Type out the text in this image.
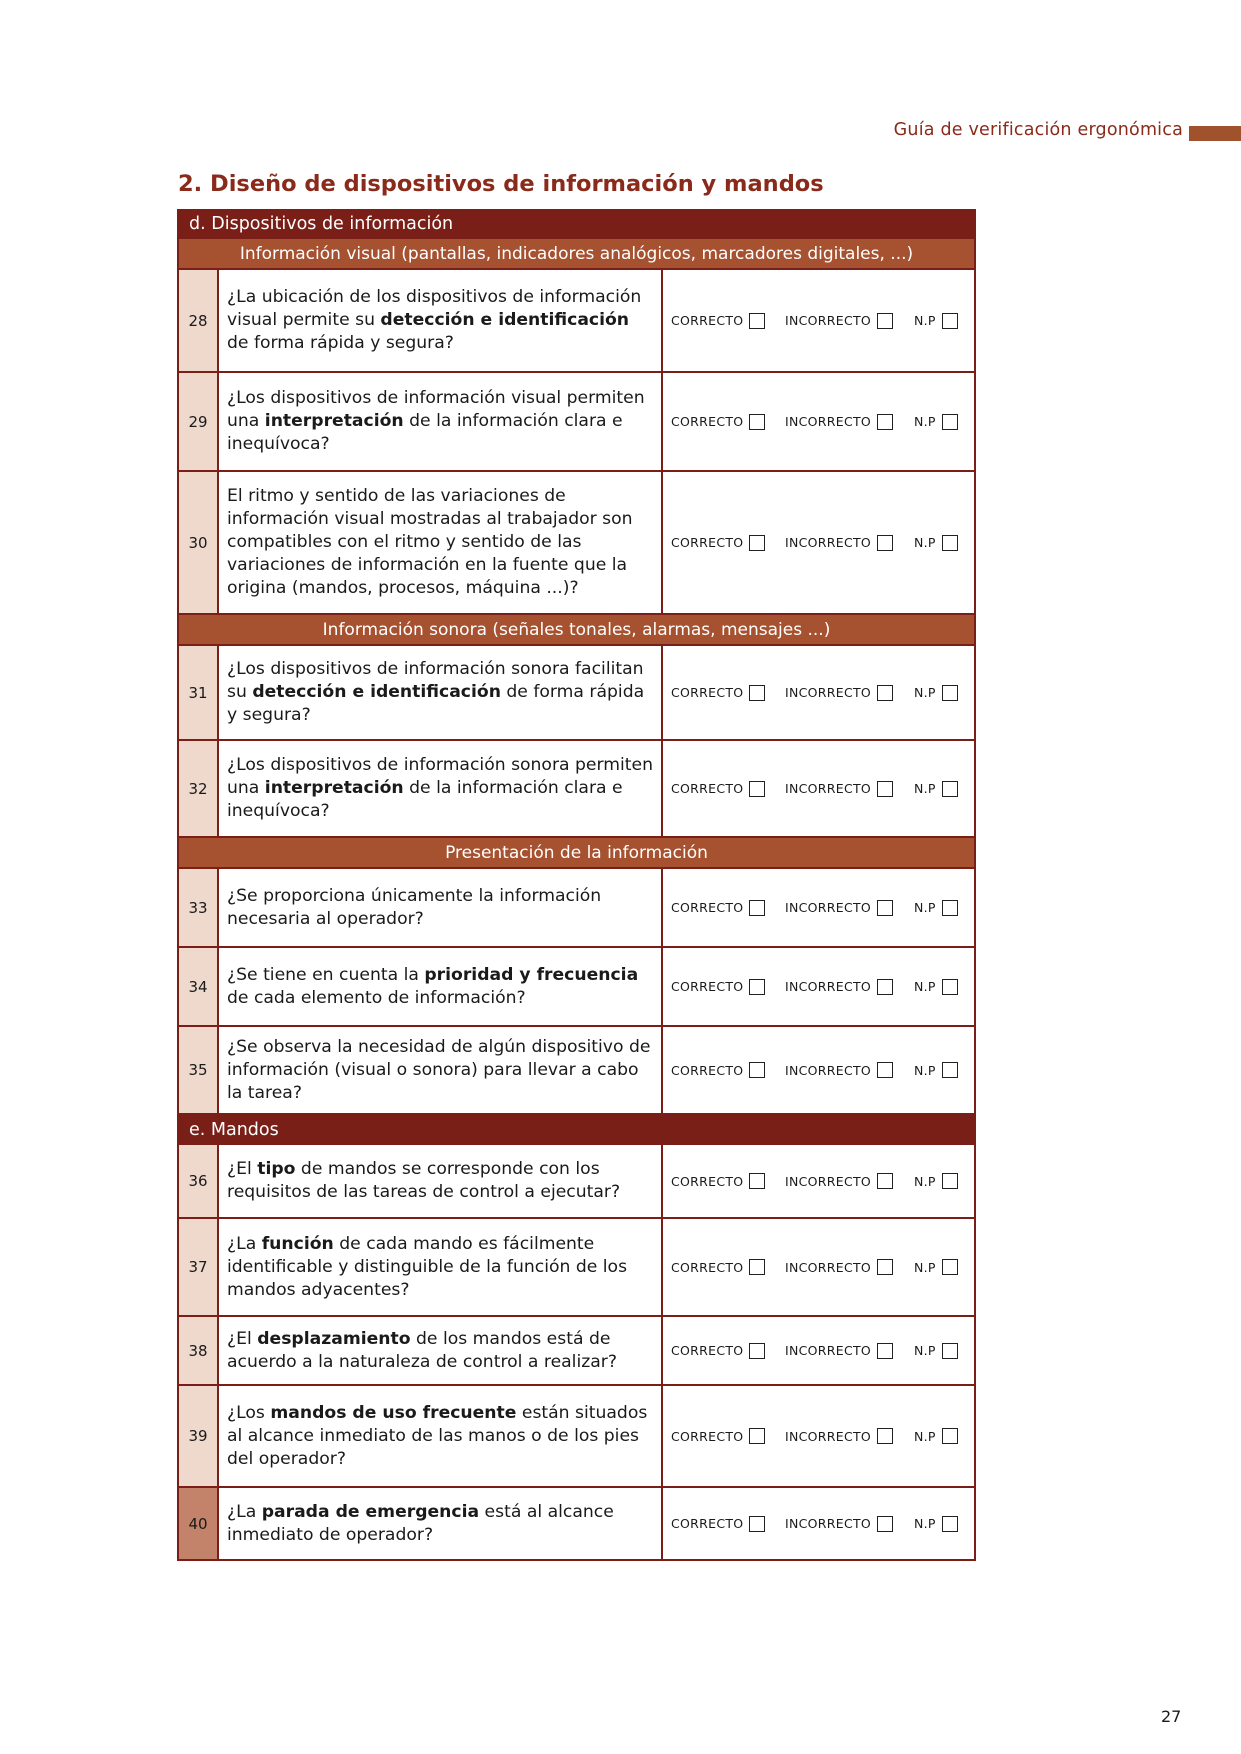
Guía de verificación ergonómica
2. Diseño de dispositivos de información y mandos
d. Dispositivos de información
Información visual (pantallas, indicadores analógicos, marcadores digitales, ...)
28
¿La ubicación de los dispositivos de información visual permite su detección e identificación de forma rápida y segura?
CORRECTO	INCORRECTO	N.P
29
¿Los dispositivos de información visual permiten una interpretación de la información clara e inequívoca?
CORRECTO	INCORRECTO	N.P
30
El ritmo y sentido de las variaciones de información visual mostradas al trabajador son compatibles con el ritmo y sentido de las variaciones de información en la fuente que la origina (mandos, procesos, máquina ...)?
CORRECTO	INCORRECTO	N.P
Información sonora (señales tonales, alarmas, mensajes ...)
31
¿Los dispositivos de información sonora facilitan su detección e identificación de forma rápida y segura?
CORRECTO	INCORRECTO	N.P
32
¿Los dispositivos de información sonora permiten una interpretación de la información clara e inequívoca?
CORRECTO	INCORRECTO	N.P
Presentación de la información
33
¿Se proporciona únicamente la información necesaria al operador?
CORRECTO	INCORRECTO	N.P
34
¿Se tiene en cuenta la prioridad y frecuencia de cada elemento de información?
CORRECTO	INCORRECTO	N.P
35
¿Se observa la necesidad de algún dispositivo de información (visual o sonora) para llevar a cabo la tarea?
CORRECTO	INCORRECTO	N.P
e. Mandos
36
¿El tipo de mandos se corresponde con los requisitos de las tareas de control a ejecutar?
CORRECTO	INCORRECTO	N.P
37
¿La función de cada mando es fácilmente identificable y distinguible de la función de los mandos adyacentes?
CORRECTO	INCORRECTO	N.P
38
¿El desplazamiento de los mandos está de acuerdo a la naturaleza de control a realizar?
CORRECTO	INCORRECTO	N.P
39
¿Los mandos de uso frecuente están situados al alcance inmediato de las manos o de los pies del operador?
CORRECTO	INCORRECTO	N.P
40
¿La parada de emergencia está al alcance inmediato de operador?
CORRECTO	INCORRECTO	N.P
27
